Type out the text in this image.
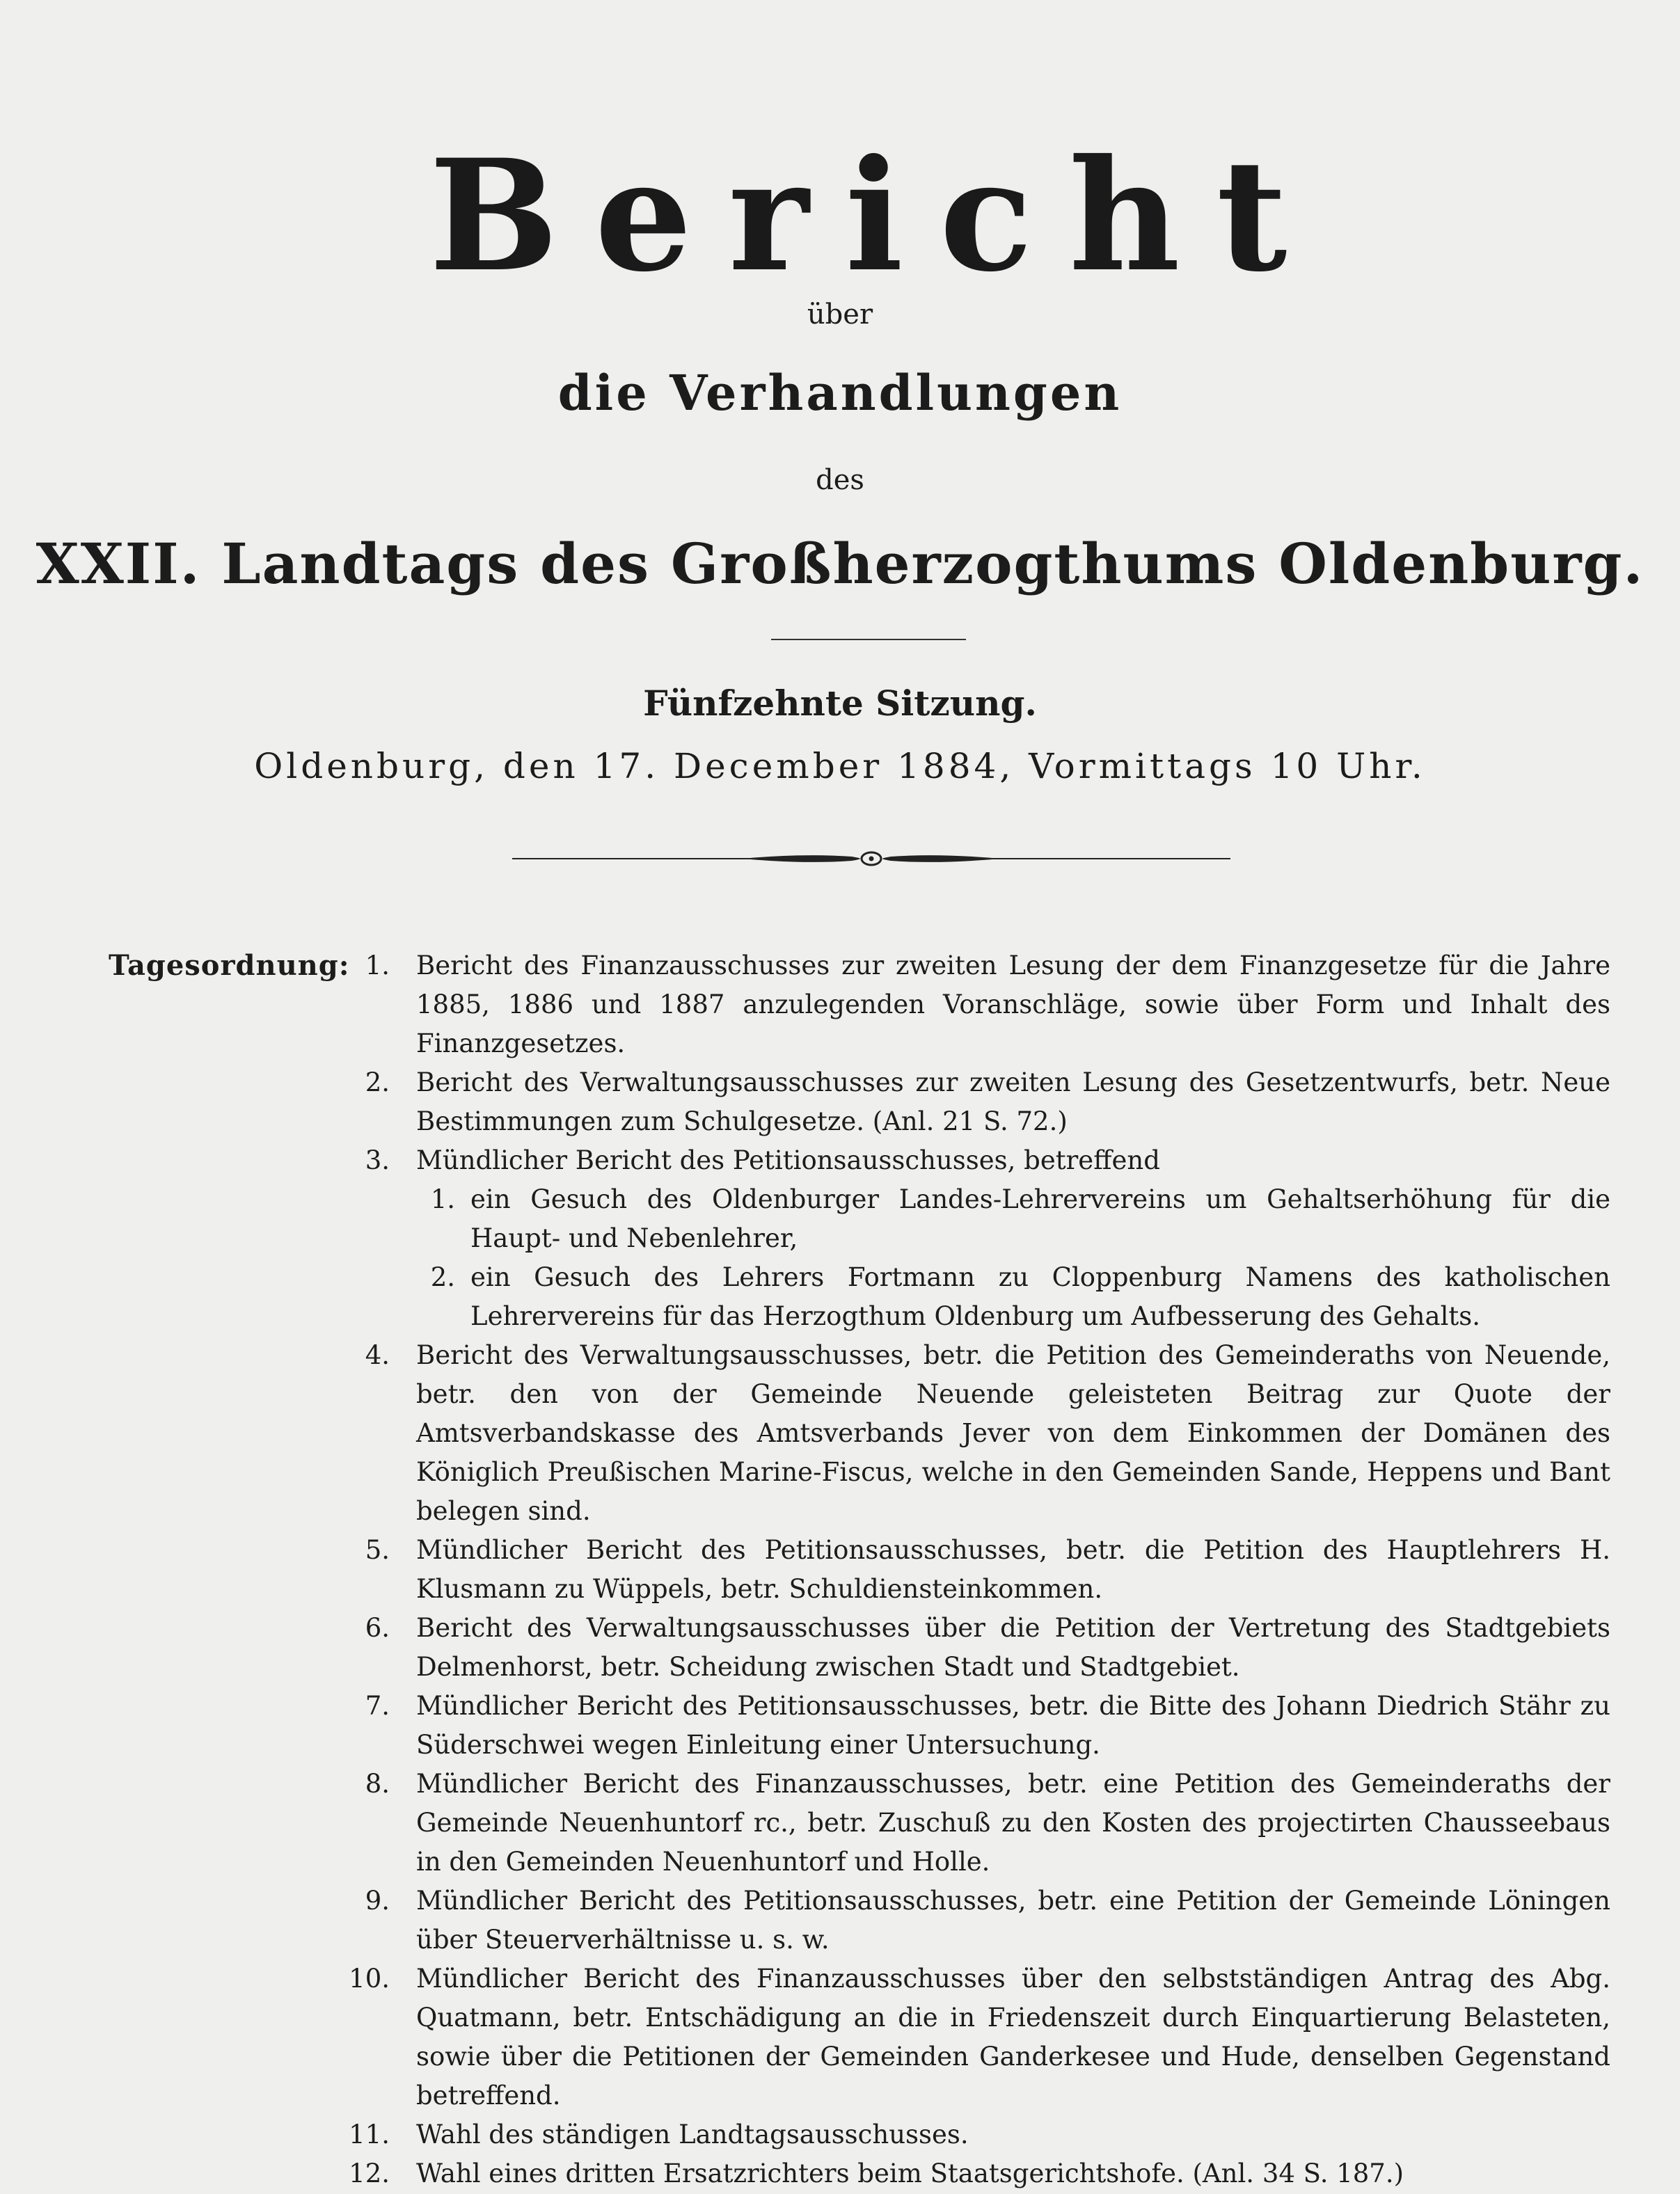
Bericht
über
die Verhandlungen
des
XXII. Landtags des Großherzogthums Oldenburg.
Fünfzehnte Sitzung.
Oldenburg, den 17. December 1884, Vormittags 10 Uhr.
Tagesordnung: 1. Bericht des Finanzausschusses zur zweiten Lesung der dem Finanzgesetze für die Jahre 1885, 1886 und 1887 anzulegenden Voranschläge, sowie über Form und Inhalt des Finanzgesetzes.
2. Bericht des Verwaltungsausschusses zur zweiten Lesung des Gesetzentwurfs, betr. Neue Bestimmungen zum Schulgesetze. (Anl. 21 S. 72.)
3. Mündlicher Bericht des Petitionsausschusses, betreffend
1. ein Gesuch des Oldenburger Landes-Lehrervereins um Gehaltserhöhung für die Haupt- und Nebenlehrer,
2. ein Gesuch des Lehrers Fortmann zu Cloppenburg Namens des katholischen Lehrervereins für das Herzogthum Oldenburg um Aufbesserung des Gehalts.
4. Bericht des Verwaltungsausschusses, betr. die Petition des Gemeinderaths von Neuende, betr. den von der Gemeinde Neuende geleisteten Beitrag zur Quote der Amtsverbandskasse des Amtsverbands Jever von dem Einkommen der Domänen des Königlich Preußischen Marine-Fiscus, welche in den Gemeinden Sande, Heppens und Bant belegen sind.
5. Mündlicher Bericht des Petitionsausschusses, betr. die Petition des Hauptlehrers H. Klusmann zu Wüppels, betr. Schuldiensteinkommen.
6. Bericht des Verwaltungsausschusses über die Petition der Vertretung des Stadtgebiets Delmenhorst, betr. Scheidung zwischen Stadt und Stadtgebiet.
7. Mündlicher Bericht des Petitionsausschusses, betr. die Bitte des Johann Diedrich Stähr zu Süderschwei wegen Einleitung einer Untersuchung.
8. Mündlicher Bericht des Finanzausschusses, betr. eine Petition des Gemeinderaths der Gemeinde Neuenhuntorf rc., betr. Zuschuß zu den Kosten des projectirten Chausseebaus in den Gemeinden Neuenhuntorf und Holle.
9. Mündlicher Bericht des Petitionsausschusses, betr. eine Petition der Gemeinde Löningen über Steuerverhältnisse u. s. w.
10. Mündlicher Bericht des Finanzausschusses über den selbstständigen Antrag des Abg. Quatmann, betr. Entschädigung an die in Friedenszeit durch Einquartierung Belasteten, sowie über die Petitionen der Gemeinden Ganderkesee und Hude, denselben Gegenstand betreffend.
11. Wahl des ständigen Landtagsausschusses.
12. Wahl eines dritten Ersatzrichters beim Staatsgerichtshofe. (Anl. 34 S. 187.)
